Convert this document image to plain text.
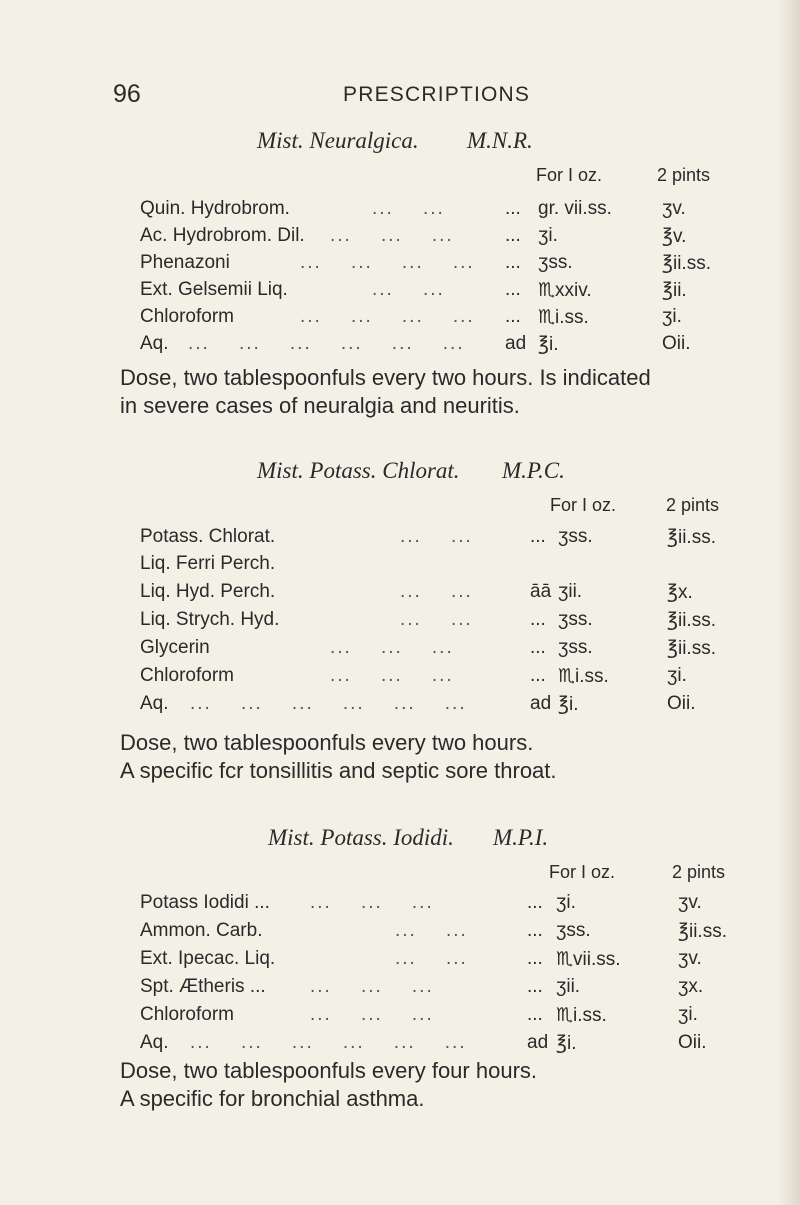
96	PRESCRIPTIONS
Mist. Neuralgica. M.N.R.
For I oz.	2 pints
Quin. Hydrobrom.	...    ... ... gr. vii.ss.	ʒv.
Ac. Hydrobrom. Dil. ...    ...    ...	... ʒi.	℥v.
Phenazoni	...    ...    ...    ... ... ʒss.	℥ii.ss.
Ext. Gelsemii Liq.	...    ... ... ♏xxiv.	℥ii.
Chloroform	...    ...    ...    ... ... ♏i.ss.	ʒi.
Aq. ...    ...    ...    ...    ...    ... ad ℥i.	Oii.
Dose, two tablespoonfuls every two hours. Is indicated
in severe cases of neuralgia and neuritis.
Mist. Potass. Chlorat. M.P.C.
For I oz.	2 pints
Potass. Chlorat.	...    ... ... ʒss.	℥ii.ss.
Liq. Ferri Perch.
Liq. Hyd. Perch.	...    ... āā ʒii.	℥x.
Liq. Strych. Hyd.	...    ... ... ʒss.	℥ii.ss.
Glycerin	...    ...    ... ... ʒss.	℥ii.ss.
Chloroform	...    ...    ... ... ♏i.ss.	ʒi.
Aq. ...    ...    ...    ...    ...    ...	ad ℥i.	Oii.
Dose, two tablespoonfuls every two hours.
A specific fcr tonsillitis and septic sore throat.
Mist. Potass. Iodidi. M.P.I.
For I oz.	2 pints
Potass Iodidi ... ...    ...    ...	... ʒi.	ʒv.
Ammon. Carb.	...    ... ... ʒss.	℥ii.ss.
Ext. Ipecac. Liq.	...    ... ... ♏vii.ss.	ʒv.
Spt. Ætheris ... ...    ...    ...	... ʒii.	ʒx.
Chloroform	...    ...    ...	... ♏i.ss.	ʒi.
Aq. ...    ...    ...    ...    ...    ...	ad ℥i.	Oii.
Dose, two tablespoonfuls every four hours.
A specific for bronchial asthma.
